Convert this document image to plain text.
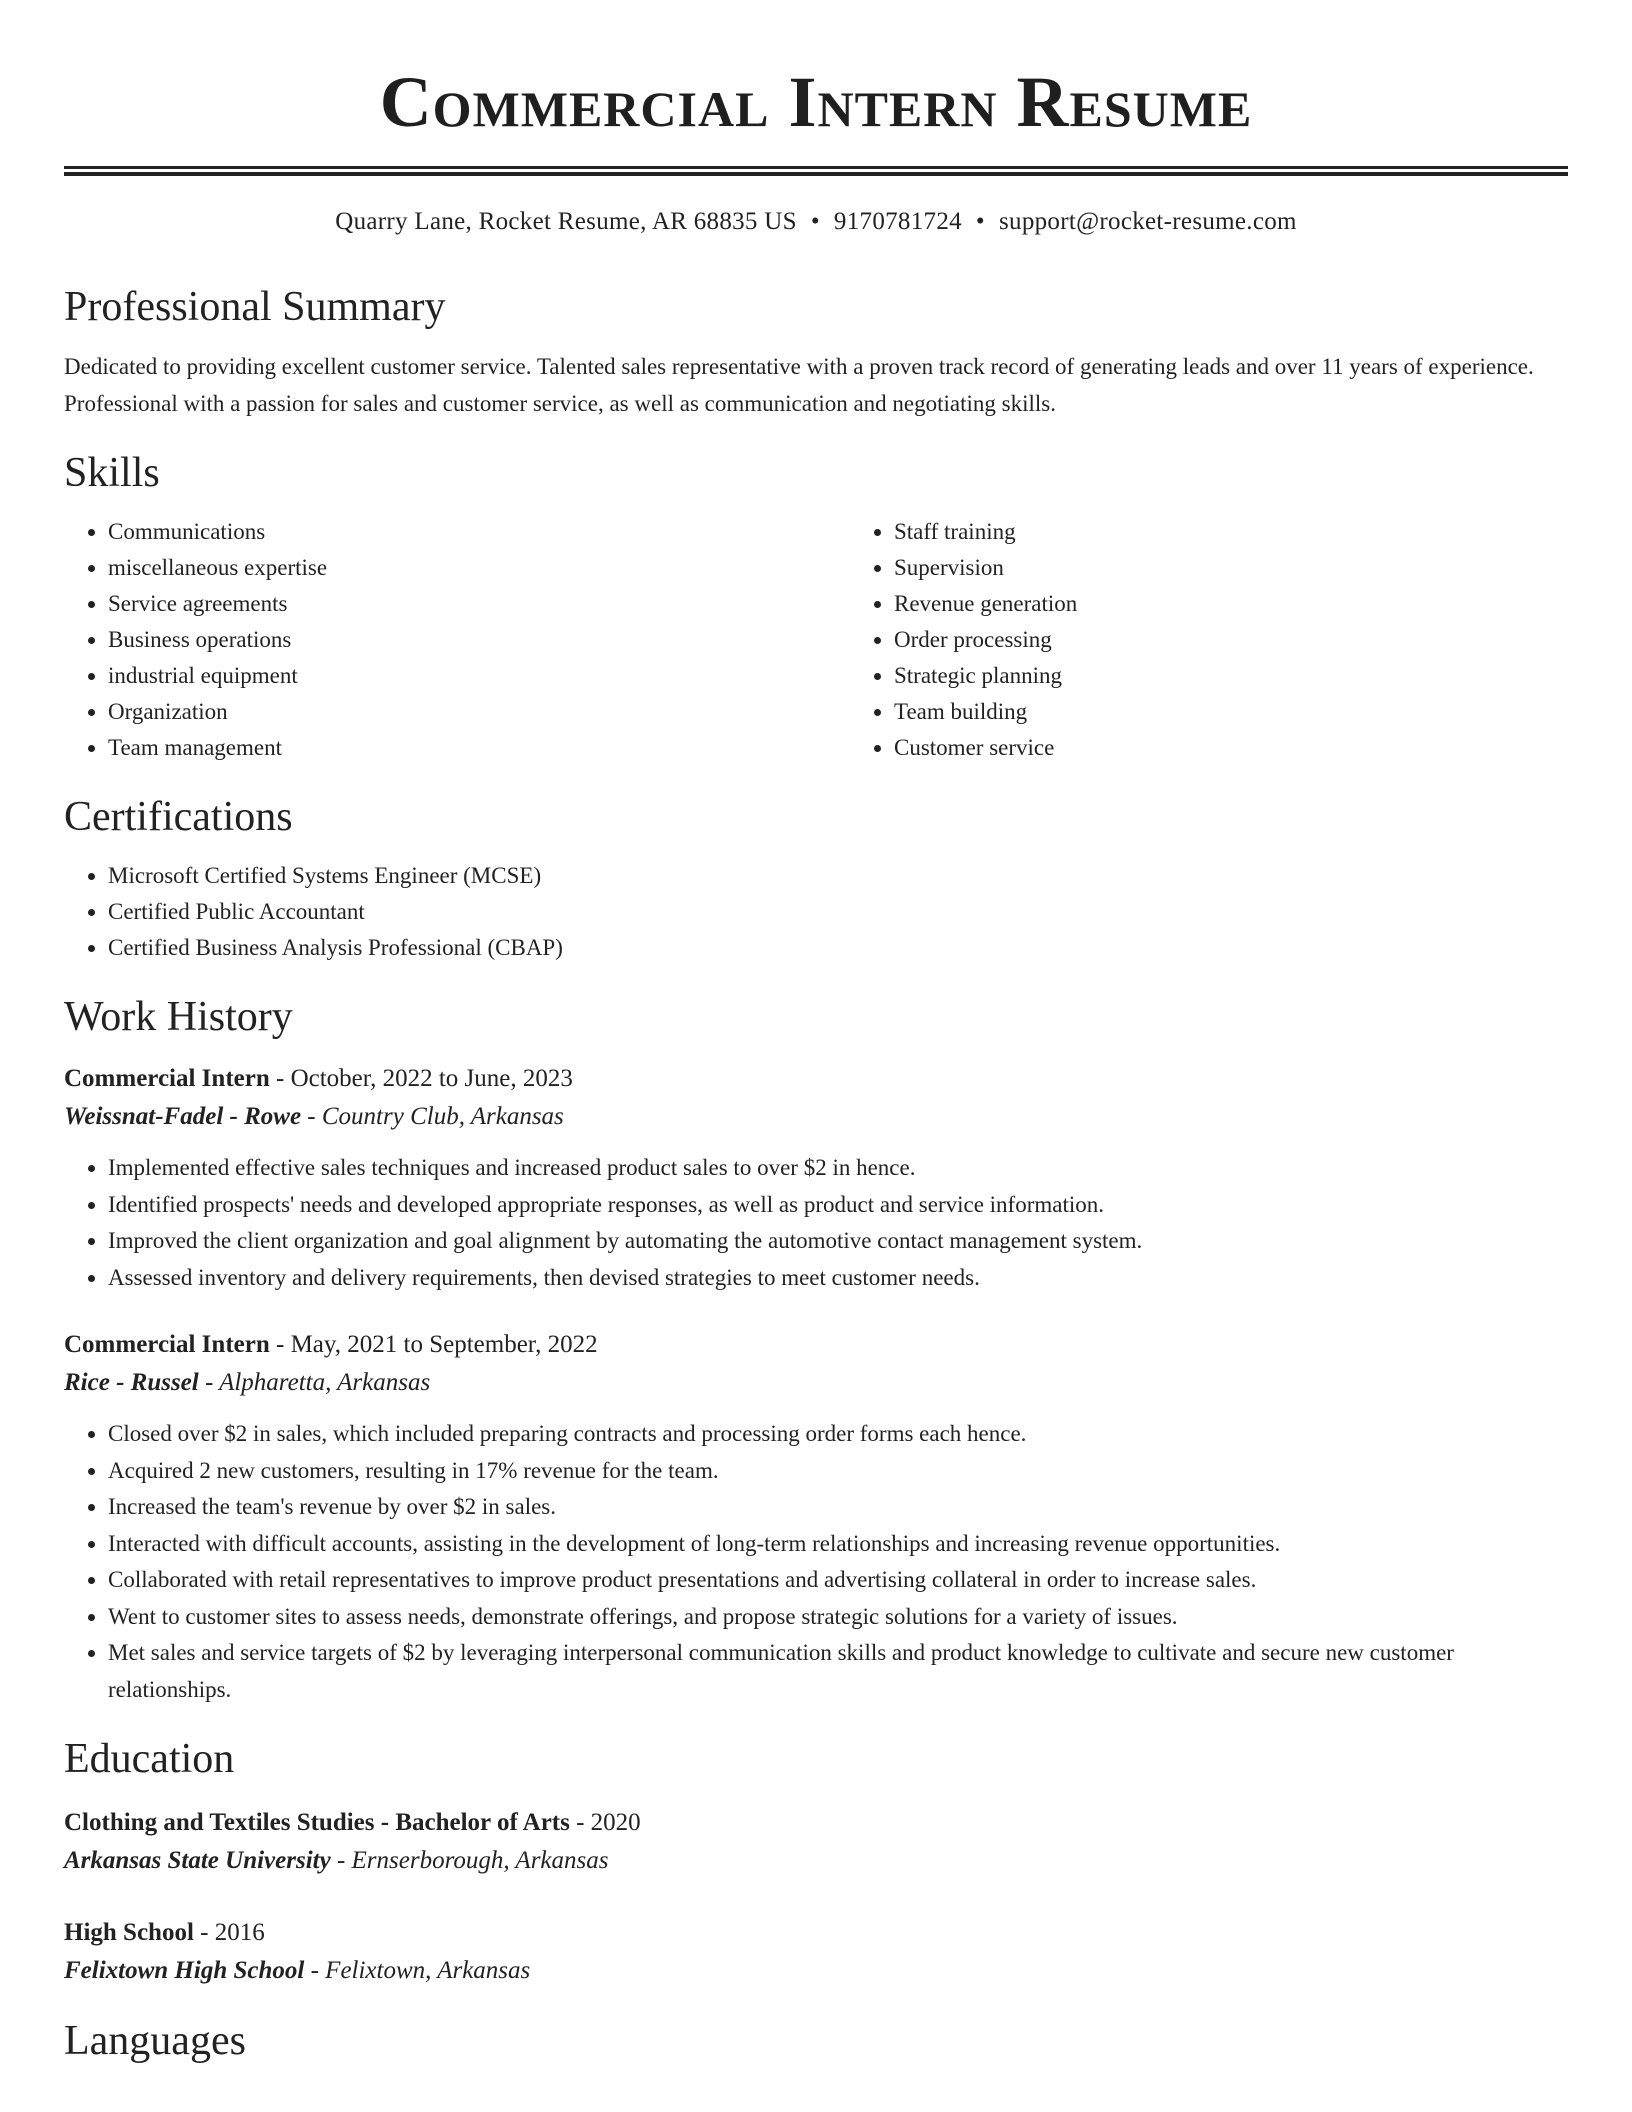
Commercial Intern Resume
Quarry Lane, Rocket Resume, AR 68835 US • 9170781724 • support@rocket-resume.com
Professional Summary

Dedicated to providing excellent customer service. Talented sales representative with a proven track record of generating leads and over 11 years of experience. Professional with a passion for sales and customer service, as well as communication and negotiating skills.

Skills
• Communications
• miscellaneous expertise
• Service agreements
• Business operations
• industrial equipment
• Organization
• Team management
• Staff training
• Supervision
• Revenue generation
• Order processing
• Strategic planning
• Team building
• Customer service
Certifications
• Microsoft Certified Systems Engineer (MCSE)
• Certified Public Accountant
• Certified Business Analysis Professional (CBAP)
Work History
Commercial Intern - October, 2022 to June, 2023
Weissnat-Fadel - Rowe - Country Club, Arkansas
• Implemented effective sales techniques and increased product sales to over $2 in hence.
• Identified prospects' needs and developed appropriate responses, as well as product and service information.
• Improved the client organization and goal alignment by automating the automotive contact management system.
• Assessed inventory and delivery requirements, then devised strategies to meet customer needs.
Commercial Intern - May, 2021 to September, 2022
Rice - Russel - Alpharetta, Arkansas
• Closed over $2 in sales, which included preparing contracts and processing order forms each hence.
• Acquired 2 new customers, resulting in 17% revenue for the team.
• Increased the team's revenue by over $2 in sales.
• Interacted with difficult accounts, assisting in the development of long-term relationships and increasing revenue opportunities.
• Collaborated with retail representatives to improve product presentations and advertising collateral in order to increase sales.
• Went to customer sites to assess needs, demonstrate offerings, and propose strategic solutions for a variety of issues.
• Met sales and service targets of $2 by leveraging interpersonal communication skills and product knowledge to cultivate and secure new customer relationships.
Education
Clothing and Textiles Studies - Bachelor of Arts - 2020
Arkansas State University - Ernserborough, Arkansas
High School - 2016
Felixtown High School - Felixtown, Arkansas
Languages
